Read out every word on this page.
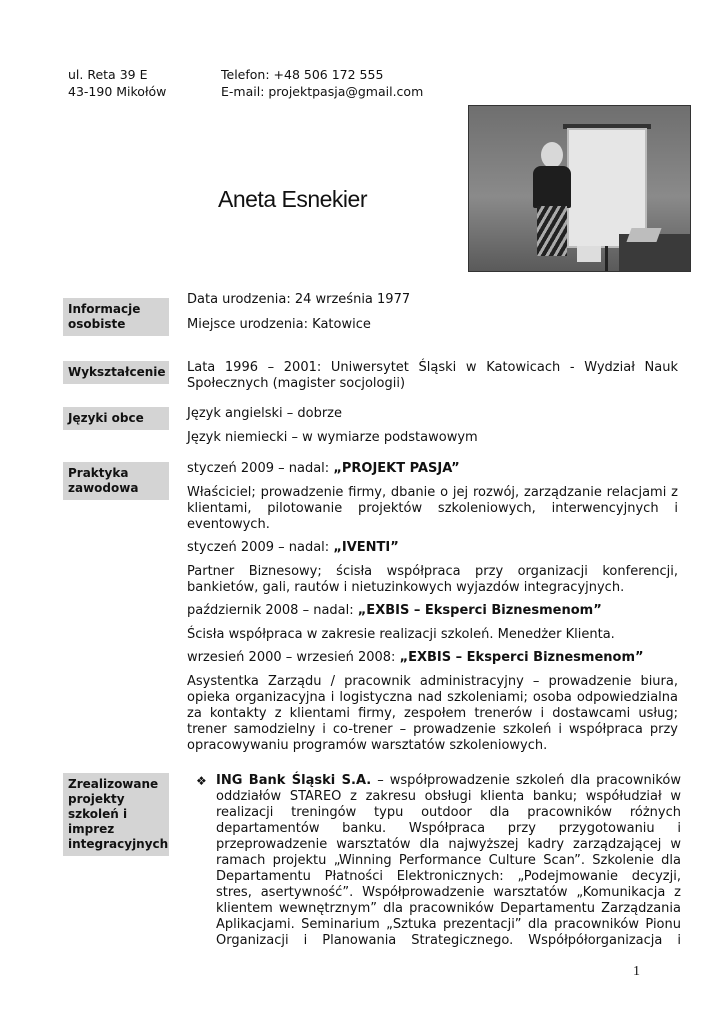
ul. Reta 39 E
43-190 Mikołów
Telefon: +48 506 172 555
E-mail: projektpasja@gmail.com
Aneta Esnekier
Informacje osobiste

Data urodzenia: 24 września 1977

Miejsce urodzenia: Katowice

Wykształcenie Lata 1996 – 2001: Uniwersytet Śląski w Katowicach - Wydział Nauk Społecznych (magister socjologii)

Języki obce	Język angielski – dobrze

Język niemiecki – w wymiarze podstawowym

Praktyka zawodowa

styczeń 2009 – nadal: „PROJEKT PASJA”

Właściciel; prowadzenie firmy, dbanie o jej rozwój, zarządzanie relacjami z klientami, pilotowanie projektów szkoleniowych, interwencyjnych i eventowych.

styczeń 2009 – nadal: „IVENTI”

Partner Biznesowy; ścisła współpraca przy organizacji konferencji, bankietów, gali, rautów i nietuzinkowych wyjazdów integracyjnych.

październik 2008 – nadal: „EXBIS – Eksperci Biznesmenom”

Ścisła współpraca w zakresie realizacji szkoleń. Menedżer Klienta.

wrzesień 2000 – wrzesień 2008: „EXBIS – Eksperci Biznesmenom”

Asystentka Zarządu / pracownik administracyjny – prowadzenie biura, opieka organizacyjna i logistyczna nad szkoleniami; osoba odpowiedzialna za kontakty z klientami firmy, zespołem trenerów i dostawcami usług; trener samodzielny i co-trener – prowadzenie szkoleń i współpraca przy opracowywaniu programów warsztatów szkoleniowych.

Zrealizowane projekty szkoleń i imprez integracyjnych
❖ ING Bank Śląski S.A. – współprowadzenie szkoleń dla pracowników oddziałów STAREO z zakresu obsługi klienta banku; współudział w realizacji treningów typu outdoor dla pracowników różnych departamentów banku. Współpraca przy przygotowaniu i przeprowadzenie warsztatów dla najwyższej kadry zarządzającej w ramach projektu „Winning Performance Culture Scan”. Szkolenie dla Departamentu Płatności Elektronicznych: „Podejmowanie decyzji, stres, asertywność”. Współprowadzenie warsztatów „Komunikacja z klientem wewnętrznym” dla pracowników Departamentu Zarządzania Aplikacjami. Seminarium „Sztuka prezentacji” dla pracowników Pionu Organizacji i Planowania Strategicznego. Współpółorganizacja i
1
